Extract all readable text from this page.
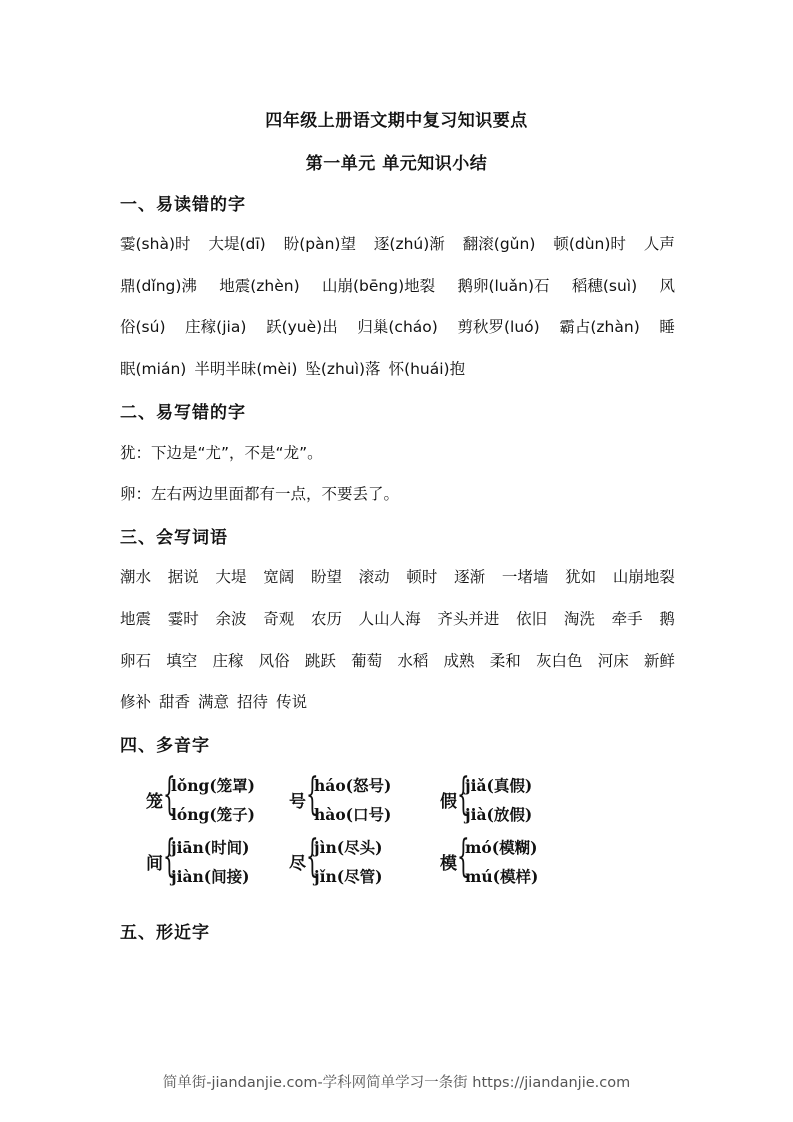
四年级上册语文期中复习知识要点
第一单元 单元知识小结
一、易读错的字
霎(shà)时 大堤(dī) 盼(pàn)望 逐(zhú)渐 翻滚(gǔn) 顿(dùn)时 人声
鼎(dǐng)沸 地震(zhèn) 山崩(bēng)地裂 鹅卵(luǎn)石 稻穗(suì) 风
俗(sú) 庄稼(jia) 跃(yuè)出 归巢(cháo) 剪秋罗(luó) 霸占(zhàn) 睡
眠(mián) 半明半昧(mèi) 坠(zhuì)落 怀(huái)抱
二、易写错的字
犹：下边是“尤”，不是“龙”。
卵：左右两边里面都有一点，不要丢了。
三、会写词语
潮水 据说 大堤 宽阔 盼望 滚动 顿时 逐渐 一堵墙 犹如 山崩地裂
地震 霎时 余波 奇观 农历 人山人海 齐头并进 依旧 淘洗 牵手 鹅
卵石 填空 庄稼 风俗 跳跃 葡萄 水稻 成熟 柔和 灰白色 河床 新鲜
修补 甜香 满意 招待 传说
四、多音字
笼 {
lǒng(笼罩)
lóng(笼子)
号 {
háo(怒号)
hào(口号)
假 {
jiǎ(真假)
jià(放假)
间 {
jiān(时间)
jiàn(间接)
尽 {
jìn(尽头)
jǐn(尽管)
模 {
mó(模糊)
mú(模样)
五、形近字
简单街-jiandanjie.com-学科网简单学习一条街 https://jiandanjie.com
